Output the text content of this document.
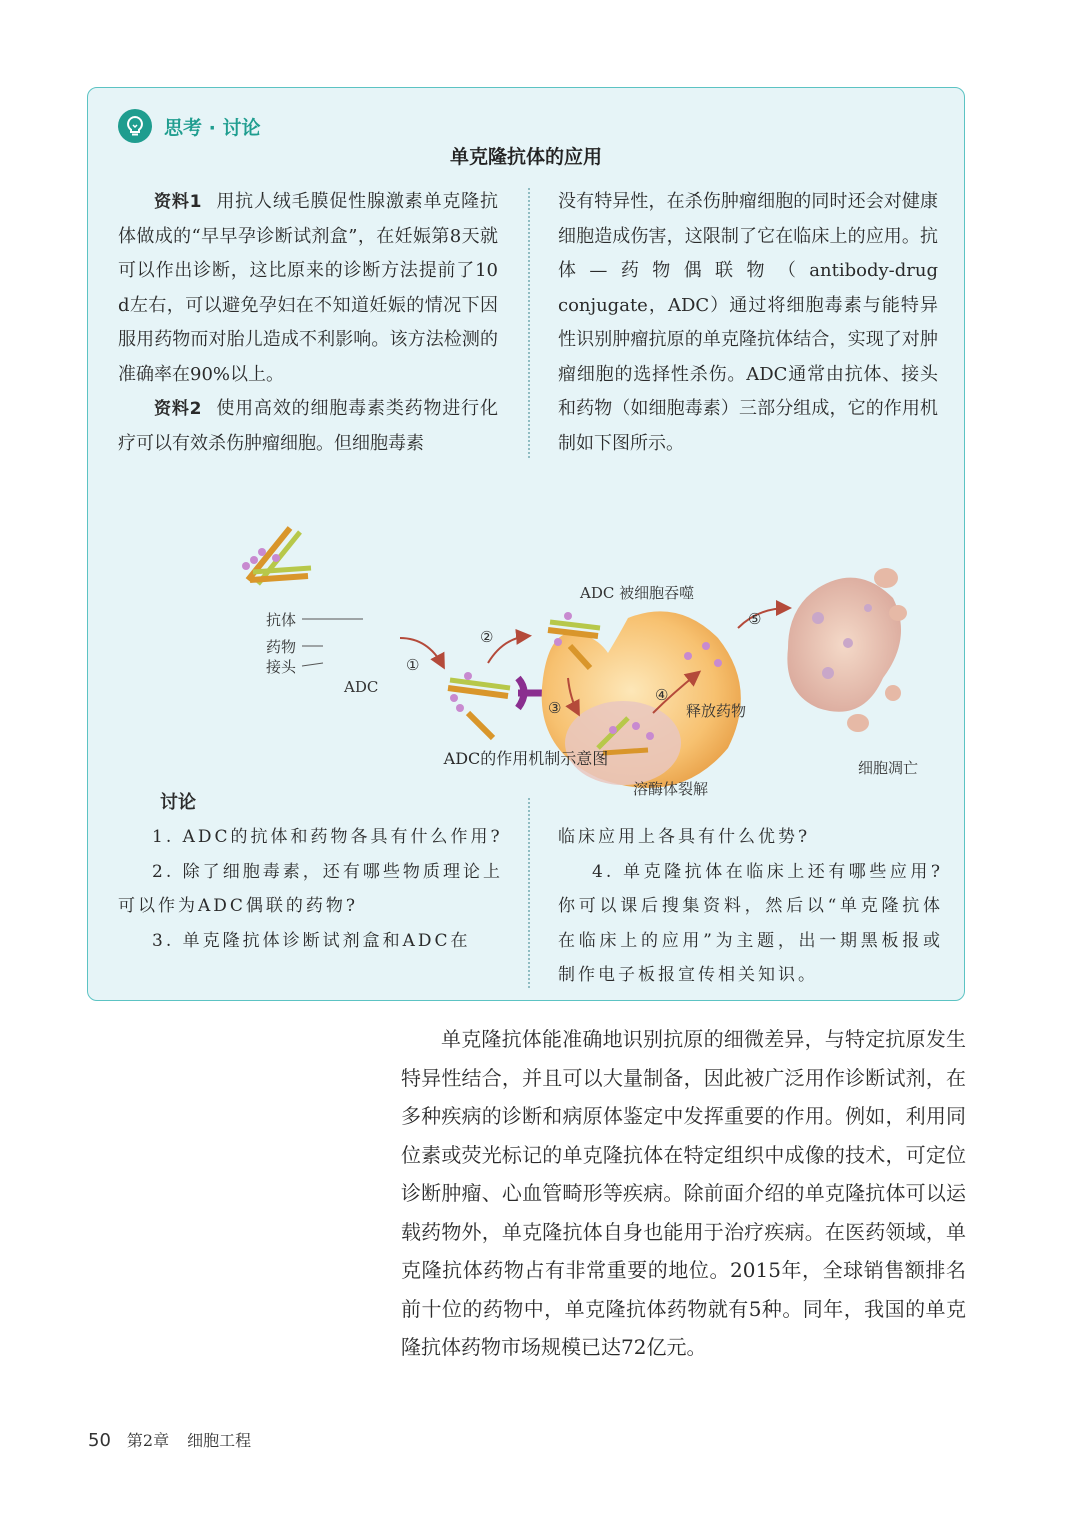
思考 · 讨论
单克隆抗体的应用

资料1 用抗人绒毛膜促性腺激素单克隆抗体做成的“早早孕诊断试剂盒”，在妊娠第8天就可以作出诊断，这比原来的诊断方法提前了10 d左右，可以避免孕妇在不知道妊娠的情况下因服用药物而对胎儿造成不利影响。该方法检测的准确率在90%以上。

资料2 使用高效的细胞毒素类药物进行化疗可以有效杀伤肿瘤细胞。但细胞毒素

没有特异性，在杀伤肿瘤细胞的同时还会对健康细胞造成伤害，这限制了它在临床上的应用。抗体—药物偶联物（antibody-drug conjugate，ADC）通过将细胞毒素与能特异性识别肿瘤抗原的单克隆抗体结合，实现了对肿瘤细胞的选择性杀伤。ADC通常由抗体、接头和药物（如细胞毒素）三部分组成，它的作用机制如下图所示。

抗体
药物
接头
ADC
①
②
ADC 被细胞吞噬
③
溶酶体裂解
④
释放药物
⑤
细胞凋亡
ADC的作用机制示意图
讨论

1. ADC的抗体和药物各具有什么作用?

2. 除了细胞毒素，还有哪些物质理论上可以作为ADC偶联的药物?

3. 单克隆抗体诊断试剂盒和ADC在

临床应用上各具有什么优势?

4. 单克隆抗体在临床上还有哪些应用? 你可以课后搜集资料，然后以“单克隆抗体在临床上的应用”为主题，出一期黑板报或制作电子板报宣传相关知识。

单克隆抗体能准确地识别抗原的细微差异，与特定抗原发生特异性结合，并且可以大量制备，因此被广泛用作诊断试剂，在多种疾病的诊断和病原体鉴定中发挥重要的作用。例如，利用同位素或荧光标记的单克隆抗体在特定组织中成像的技术，可定位诊断肿瘤、心血管畸形等疾病。除前面介绍的单克隆抗体可以运载药物外，单克隆抗体自身也能用于治疗疾病。在医药领域，单克隆抗体药物占有非常重要的地位。2015年，全球销售额排名前十位的药物中，单克隆抗体药物就有5种。同年，我国的单克隆抗体药物市场规模已达72亿元。

50 第2章 细胞工程
